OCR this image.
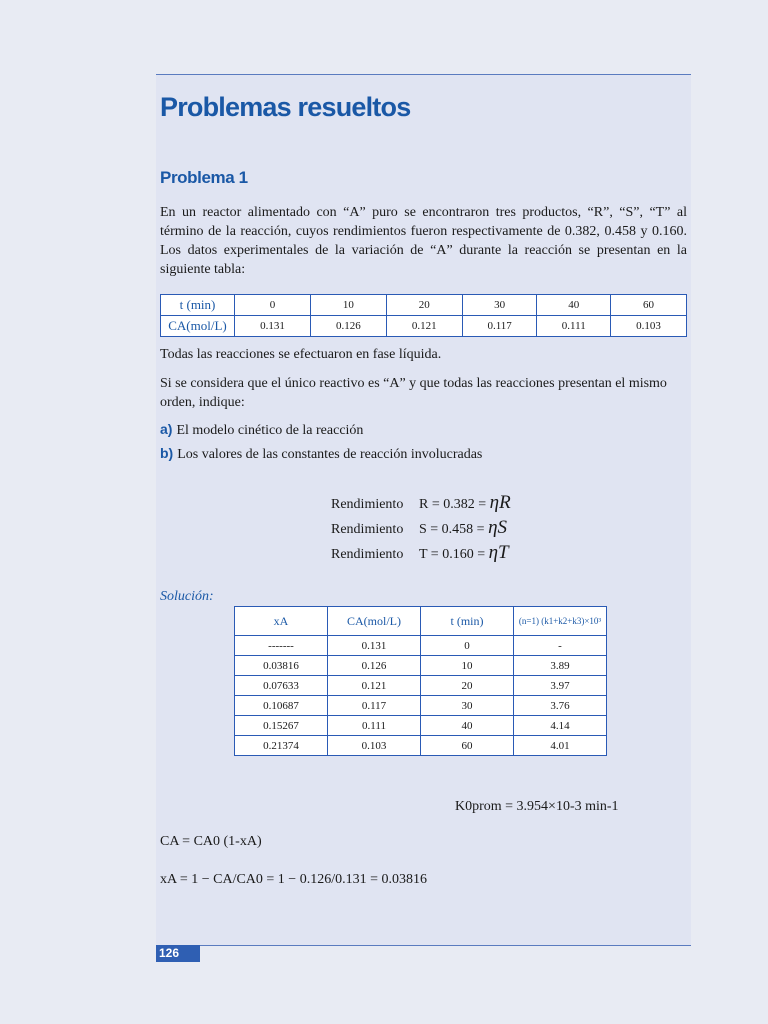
Problemas resueltos
Problema 1

En un reactor alimentado con “A” puro se encontraron tres productos, “R”, “S”, “T” al término de la reacción, cuyos rendimientos fueron respectivamente de 0.382, 0.458 y 0.160. Los datos experimentales de la variación de “A” durante la reacción se presentan en la siguiente tabla:

t (min)	0	10	20	30	40	60
CA(mol/L)	0.131	0.126	0.121	0.117	0.111	0.103

Todas las reacciones se efectuaron en fase líquida.

Si se considera que el único reactivo es “A” y que todas las reacciones presentan el mismo orden, indique:

a) El modelo cinético de la reacción
b) Los valores de las constantes de reacción involucradas
Rendimiento R = 0.382 = ηR
Rendimiento S = 0.458 = ηS
Rendimiento T = 0.160 = ηT
Solución:
xA	CA(mol/L)	t (min)	(n=1) (k1+k2+k3)×10³
-------	0.131	0	-
0.03816	0.126	10	3.89
0.07633	0.121	20	3.97
0.10687	0.117	30	3.76
0.15267	0.111	40	4.14
0.21374	0.103	60	4.01
K0prom = 3.954×10-3 min-1
CA = CA0 (1-xA)
xA = 1 − CA/CA0 = 1 − 0.126/0.131 = 0.03816
126
